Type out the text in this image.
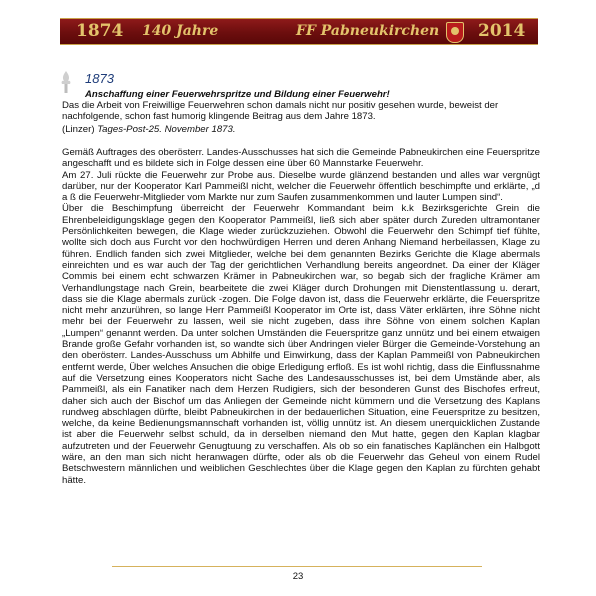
1874 140 Jahre	FF Pabneukirchen 2014
1873
Anschaffung einer Feuerwehrspritze und Bildung einer Feuerwehr!
Das die Arbeit von Freiwillige Feuerwehren schon damals nicht nur positiv gesehen wurde, beweist der nachfolgende, schon fast humorig klingende Beitrag aus dem Jahre 1873.
(Linzer) Tages-Post-25. November 1873.

Gemäß Auftrages des oberösterr. Landes-Ausschusses hat sich die Gemeinde Pabneukirchen eine Feuerspritze angeschafft und es bildete sich in Folge dessen eine über 60 Mannstarke Feuerwehr.

Am 27. Juli rückte die Feuerwehr zur Probe aus. Dieselbe wurde glänzend bestanden und alles war vergnügt darüber, nur der Kooperator Karl Pammeißl nicht, welcher die Feuerwehr öffentlich beschimpfte und erklärte, „d a ß die Feuerwehr-Mitglieder vom Markte nur zum Saufen zusammenkommen und lauter Lumpen sind“.

Über die Beschimpfung überreicht der Feuerwehr Kommandant beim k.k Bezirksgerichte Grein die Ehrenbeleidigungsklage gegen den Kooperator Pammeißl, ließ sich aber später durch Zureden ultramontaner Persönlichkeiten bewegen, die Klage wieder zurückzuziehen. Obwohl die Feuerwehr den Schimpf tief fühlte, wollte sich doch aus Furcht vor den hochwürdigen Herren und deren Anhang Niemand herbeilassen, Klage zu führen. Endlich fanden sich zwei Mitglieder, welche bei dem genannten Bezirks Gerichte die Klage abermals einreichten und es war auch der Tag der gerichtlichen Verhandlung bereits angeordnet. Da einer der Kläger Commis bei einem echt schwarzen Krämer in Pabneukirchen war, so begab sich der fragliche Krämer am Verhandlungstage nach Grein, bearbeitete die zwei Kläger durch Drohungen mit Dienstentlassung u. derart, dass sie die Klage abermals zurück -zogen. Die Folge davon ist, dass die Feuerwehr erklärte, die Feuerspritze nicht mehr anzurühren, so lange Herr Pammeißl Kooperator im Orte ist, dass Väter erklärten, ihre Söhne nicht mehr bei der Feuerwehr zu lassen, weil sie nicht zugeben, dass ihre Söhne von einem solchen Kaplan „Lumpen“ genannt werden. Da unter solchen Umständen die Feuerspritze ganz unnütz und bei einem etwaigen Brande große Gefahr vorhanden ist, so wandte sich über Andringen vieler Bürger die Gemeinde-Vorstehung an den oberösterr. Landes-Ausschuss um Abhilfe und Einwirkung, dass der Kaplan Pammeißl von Pabneukirchen entfernt werde, Über welches Ansuchen die obige Erledigung erfloß. Es ist wohl richtig, dass die Einflussnahme auf die Versetzung eines Kooperators nicht Sache des Landesausschusses ist, bei dem Umstände aber, als Pammeißl, als ein Fanatiker nach dem Herzen Rudigiers, sich der besonderen Gunst des Bischofes erfreut, daher sich auch der Bischof um das Anliegen der Gemeinde nicht kümmern und die Versetzung des Kaplans rundweg abschlagen dürfte, bleibt Pabneukirchen in der bedauerlichen Situation, eine Feuerspritze zu besitzen, welche, da keine Bedienungsmannschaft vorhanden ist, völlig unnütz ist. An diesem unerquicklichen Zustande ist aber die Feuerwehr selbst schuld, da in derselben niemand den Mut hatte, gegen den Kaplan klagbar aufzutreten und der Feuerwehr Genugtuung zu verschaffen. Als ob so ein fanatisches Kaplänchen ein Halbgott wäre, an den man sich nicht heranwagen dürfte, oder als ob die Feuerwehr das Geheul von einem Rudel Betschwestern männlichen und weiblichen Geschlechtes über die Klage gegen den Kaplan zu fürchten gehabt hätte.

23
